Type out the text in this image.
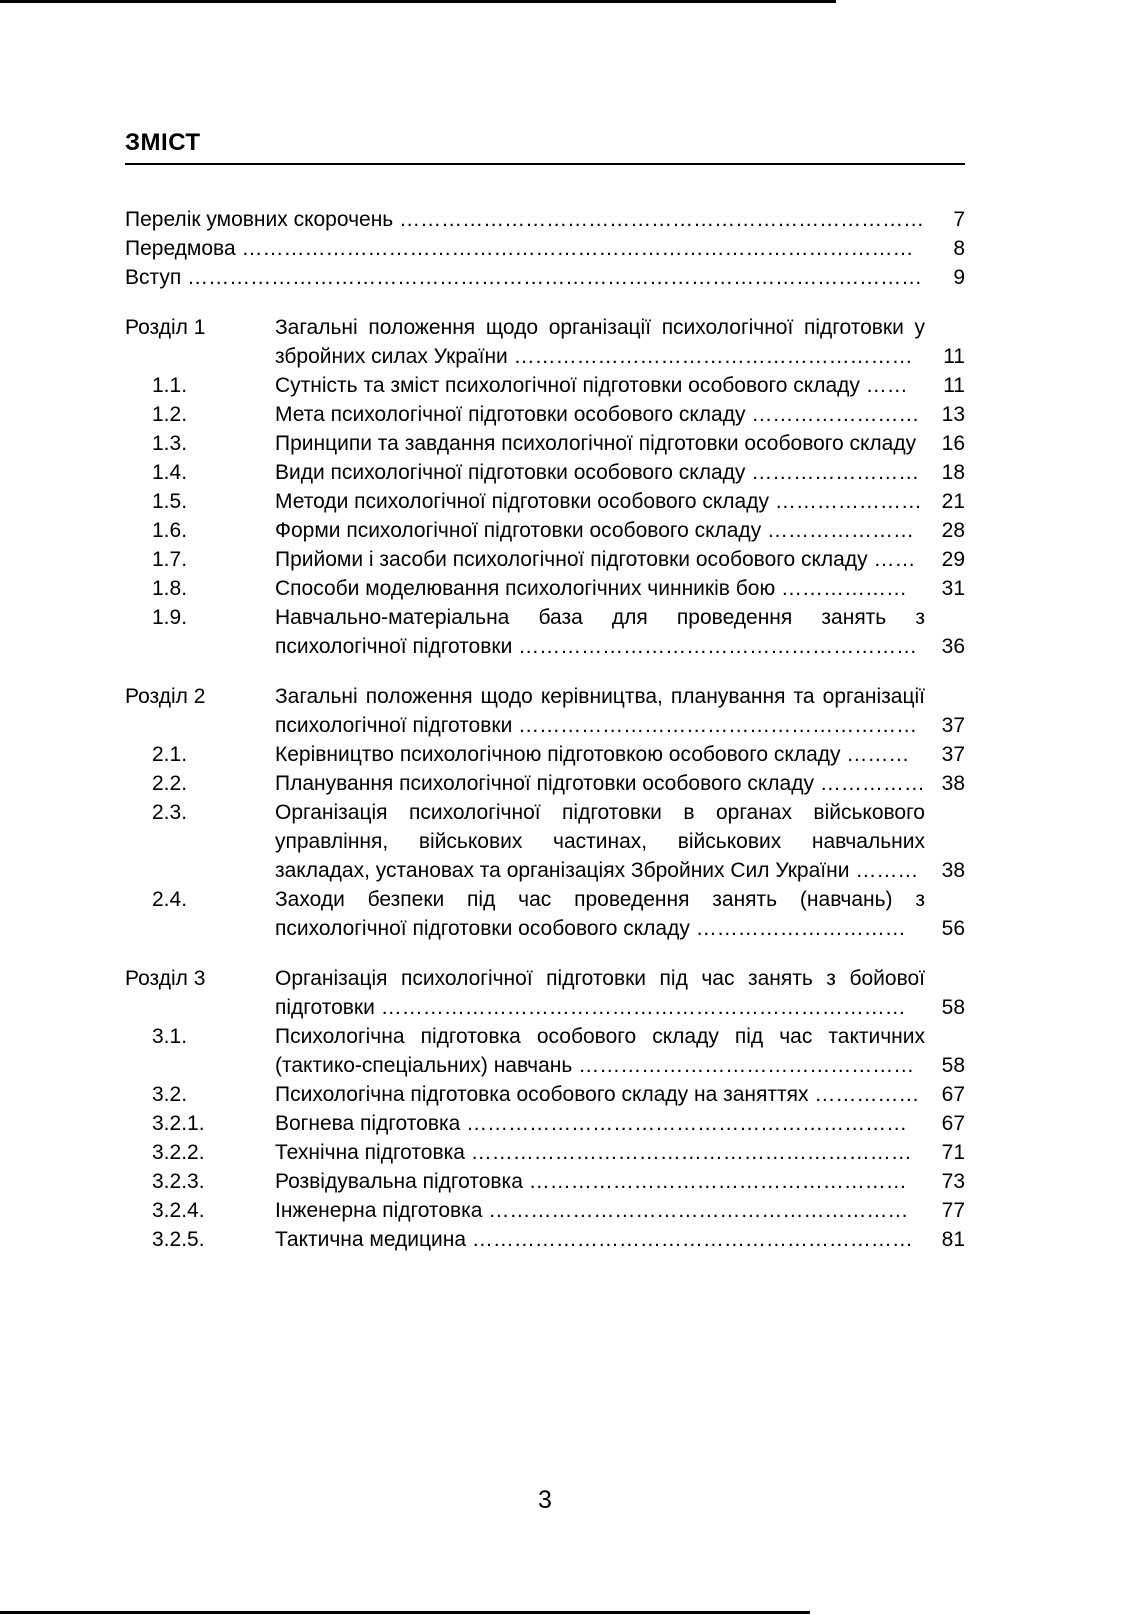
ЗМІСТ
Перелік умовних скорочень …………………………………………………………………	7
Передмова ……………………………………………………………………………………	8
Вступ ……………………………………………………………………………………………	9
Розділ 1	Загальні положення щодо організації психологічної підготовки у збройних силах України …………………………………………………	11
1.1.	Сутність та зміст психологічної підготовки особового складу ……	11
1.2.	Мета психологічної підготовки особового складу ……………………	13
1.3.	Принципи та завдання психологічної підготовки особового складу	16
1.4.	Види психологічної підготовки особового складу ……………………	18
1.5.	Методи психологічної підготовки особового складу ………………… 21
1.6.	Форми психологічної підготовки особового складу …………………	28
1.7.	Прийоми і засоби психологічної підготовки особового складу ……	29
1.8.	Способи моделювання психологічних чинників бою ………………	31
1.9.	Навчально-матеріальна база для проведення занять з психологічної підготовки …………………………………………………	36
Розділ 2	Загальні положення щодо керівництва, планування та організації психологічної підготовки …………………………………………………	37
2.1.	Керівництво психологічною підготовкою особового складу ………	37
2.2.	Планування психологічної підготовки особового складу …………… 38
2.3.	Організація психологічної підготовки в органах військового управління, військових частинах, військових навчальних закладах, установах та організаціях Збройних Сил України ………	38
2.4.	Заходи безпеки під час проведення занять (навчань) з психологічної підготовки особового складу …………………………	56
Розділ 3	Організація психологічної підготовки під час занять з бойової підготовки …………………………………………………………………	58
3.1.	Психологічна підготовка особового складу під час тактичних (тактико-спеціальних) навчань …………………………………………	58
3.2.	Психологічна підготовка особового складу на заняттях ……………	67
3.2.1.	Вогнева підготовка ………………………………………………………	67
3.2.2.	Технічна підготовка ………………………………………………………	71
3.2.3.	Розвідувальна підготовка ………………………………………………	73
3.2.4.	Інженерна підготовка ……………………………………………………	77
3.2.5.	Тактична медицина ………………………………………………………	81
3
